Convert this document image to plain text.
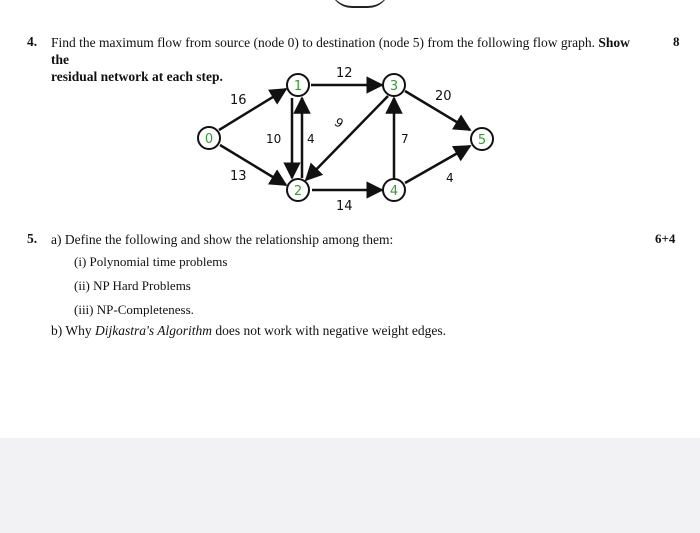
4. Find the maximum flow from source (node 0) to destination (node 5) from the following flow graph. Show the
residual network at each step.
8
16
13
12
4
10
9
14
7
20
4
0
1
2
3
4
5
5. a) Define the following and show the relationship among them:	6+4
(i) Polynomial time problems
(ii) NP Hard Problems
(iii) NP-Completeness.
b) Why Dijkastra's Algorithm does not work with negative weight edges.
